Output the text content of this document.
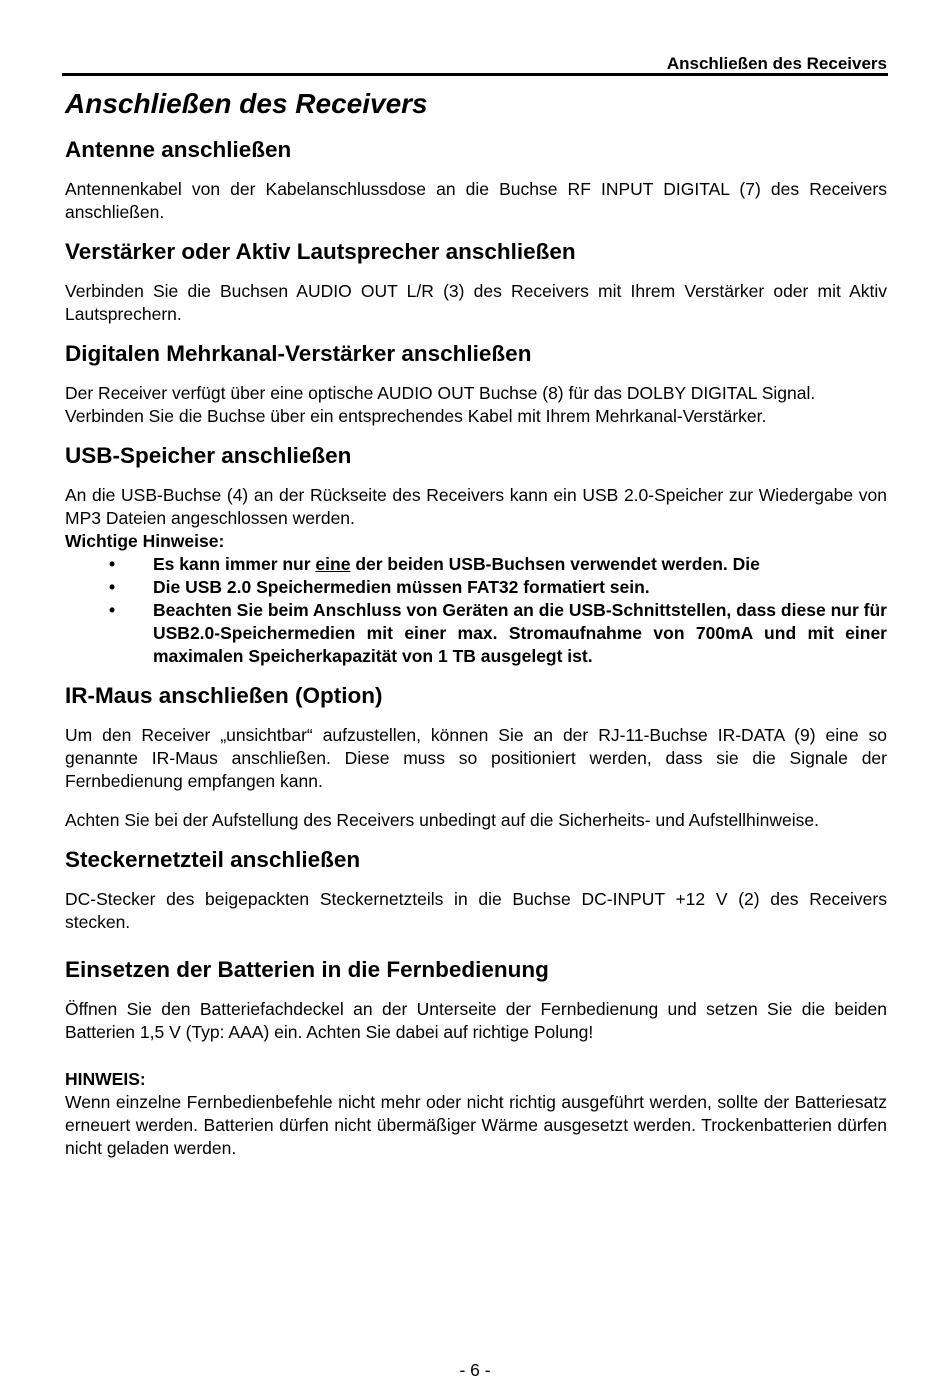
Anschließen des Receivers
Anschließen des Receivers
Antenne anschließen

Antennenkabel von der Kabelanschlussdose an die Buchse RF INPUT DIGITAL (7) des Receivers anschließen.

Verstärker oder Aktiv Lautsprecher anschließen

Verbinden Sie die Buchsen AUDIO OUT L/R (3) des Receivers mit Ihrem Verstärker oder mit Aktiv Lautsprechern.

Digitalen Mehrkanal-Verstärker anschließen

Der Receiver verfügt über eine optische AUDIO OUT Buchse (8) für das DOLBY DIGITAL Signal.

Verbinden Sie die Buchse über ein entsprechendes Kabel mit Ihrem Mehrkanal-Verstärker.

USB-Speicher anschließen

An die USB-Buchse (4) an der Rückseite des Receivers kann ein USB 2.0-Speicher zur Wiedergabe von MP3 Dateien angeschlossen werden.

Wichtige Hinweise:

• Es kann immer nur eine der beiden USB-Buchsen verwendet werden. Die
• Die USB 2.0 Speichermedien müssen FAT32 formatiert sein.
• Beachten Sie beim Anschluss von Geräten an die USB-Schnittstellen, dass diese nur für USB2.0-Speichermedien mit einer max. Stromaufnahme von 700mA und mit einer maximalen Speicherkapazität von 1 TB ausgelegt ist.
IR-Maus anschließen (Option)

Um den Receiver „unsichtbar“ aufzustellen, können Sie an der RJ-11-Buchse IR-DATA (9) eine so genannte IR-Maus anschließen. Diese muss so positioniert werden, dass sie die Signale der Fernbedienung empfangen kann.

Achten Sie bei der Aufstellung des Receivers unbedingt auf die Sicherheits- und Aufstellhinweise.

Steckernetzteil anschließen

DC-Stecker des beigepackten Steckernetzteils in die Buchse DC-INPUT +12 V (2) des Receivers stecken.

Einsetzen der Batterien in die Fernbedienung

Öffnen Sie den Batteriefachdeckel an der Unterseite der Fernbedienung und setzen Sie die beiden Batterien 1,5 V (Typ: AAA) ein. Achten Sie dabei auf richtige Polung!

HINWEIS:

Wenn einzelne Fernbedienbefehle nicht mehr oder nicht richtig ausgeführt werden, sollte der Batteriesatz erneuert werden. Batterien dürfen nicht übermäßiger Wärme ausgesetzt werden. Trockenbatterien dürfen nicht geladen werden.

- 6 -
